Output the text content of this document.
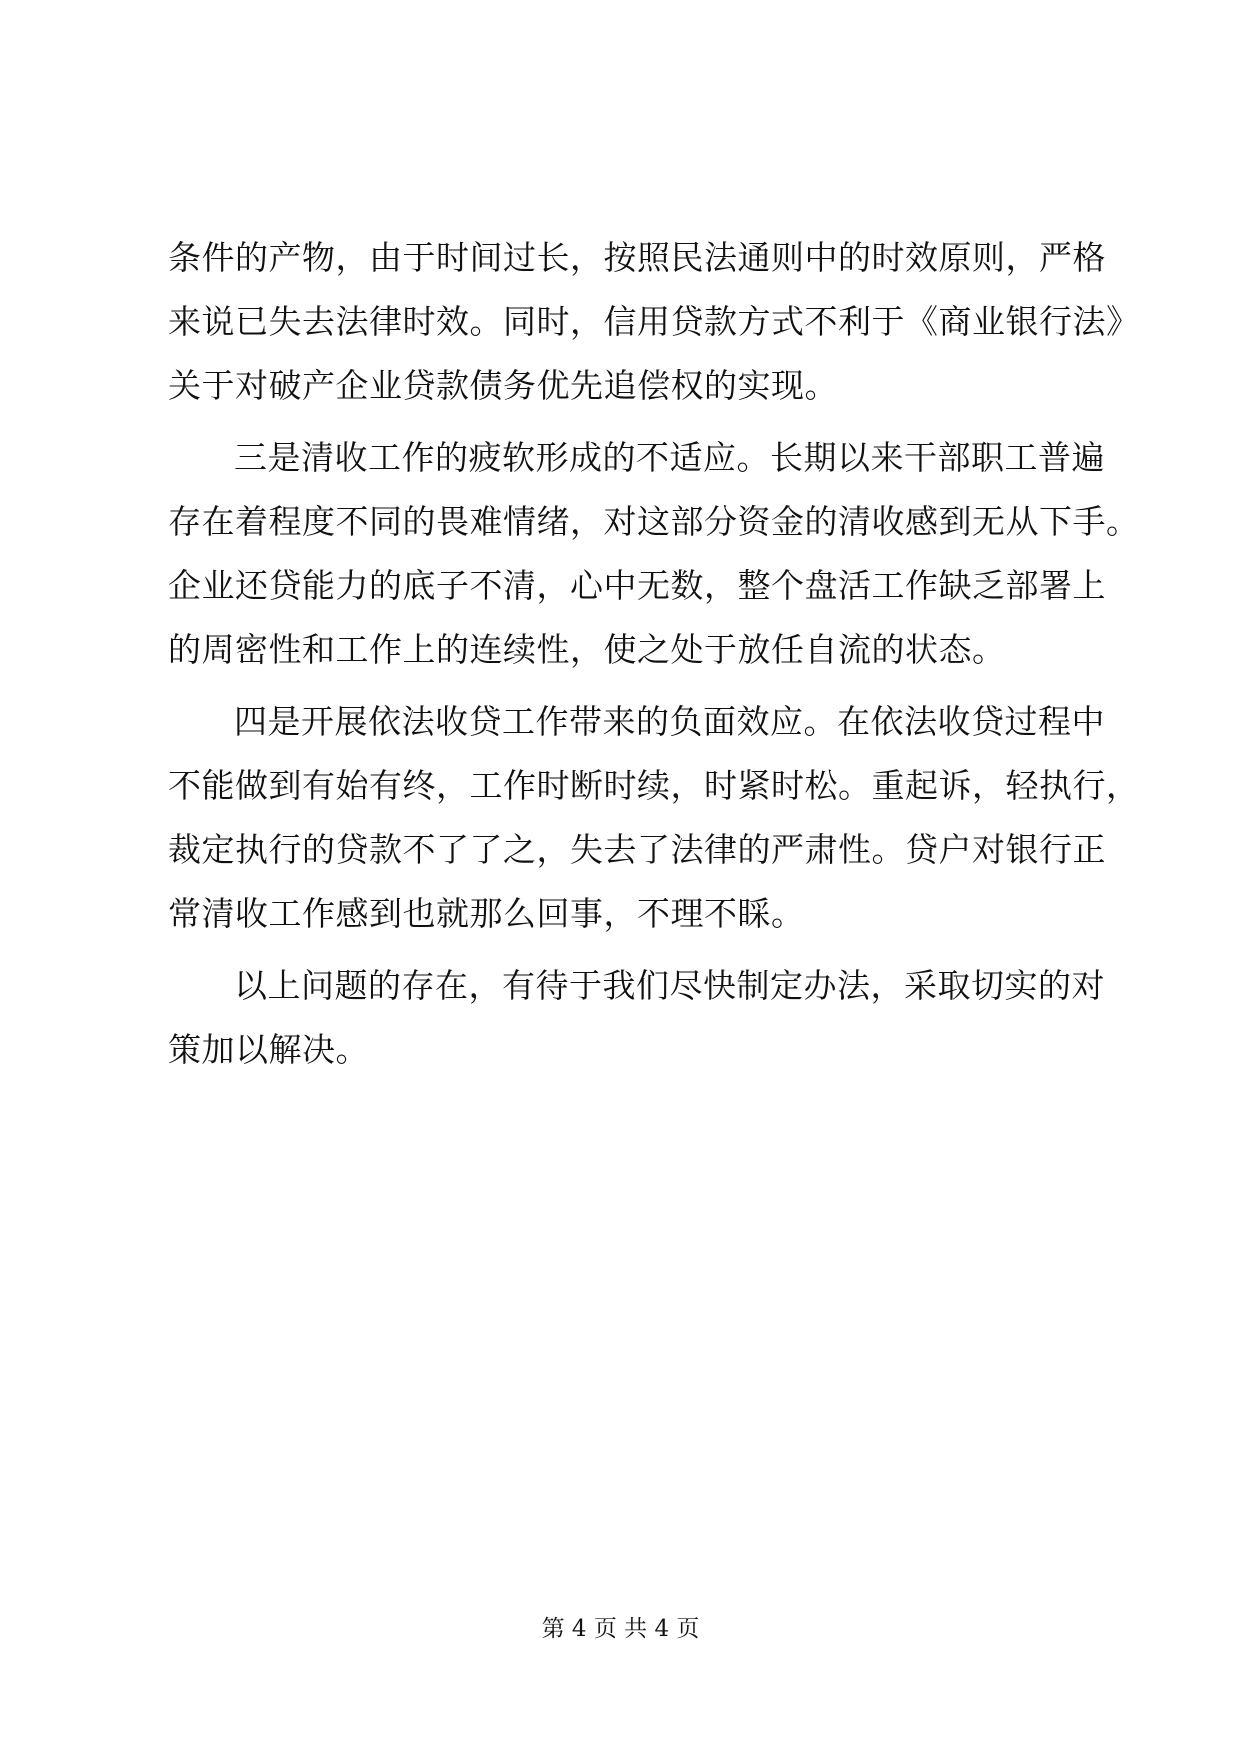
条件的产物，由于时间过长，按照民法通则中的时效原则，严格
来说已失去法律时效。同时，信用贷款方式不利于《商业银行法》
关于对破产企业贷款债务优先追偿权的实现。
三是清收工作的疲软形成的不适应。长期以来干部职工普遍
存在着程度不同的畏难情绪，对这部分资金的清收感到无从下手。
企业还贷能力的底子不清，心中无数，整个盘活工作缺乏部署上
的周密性和工作上的连续性，使之处于放任自流的状态。
四是开展依法收贷工作带来的负面效应。在依法收贷过程中
不能做到有始有终，工作时断时续，时紧时松。重起诉，轻执行，
裁定执行的贷款不了了之，失去了法律的严肃性。贷户对银行正
常清收工作感到也就那么回事，不理不睬。
以上问题的存在，有待于我们尽快制定办法，采取切实的对
策加以解决。
第 4 页 共 4 页
